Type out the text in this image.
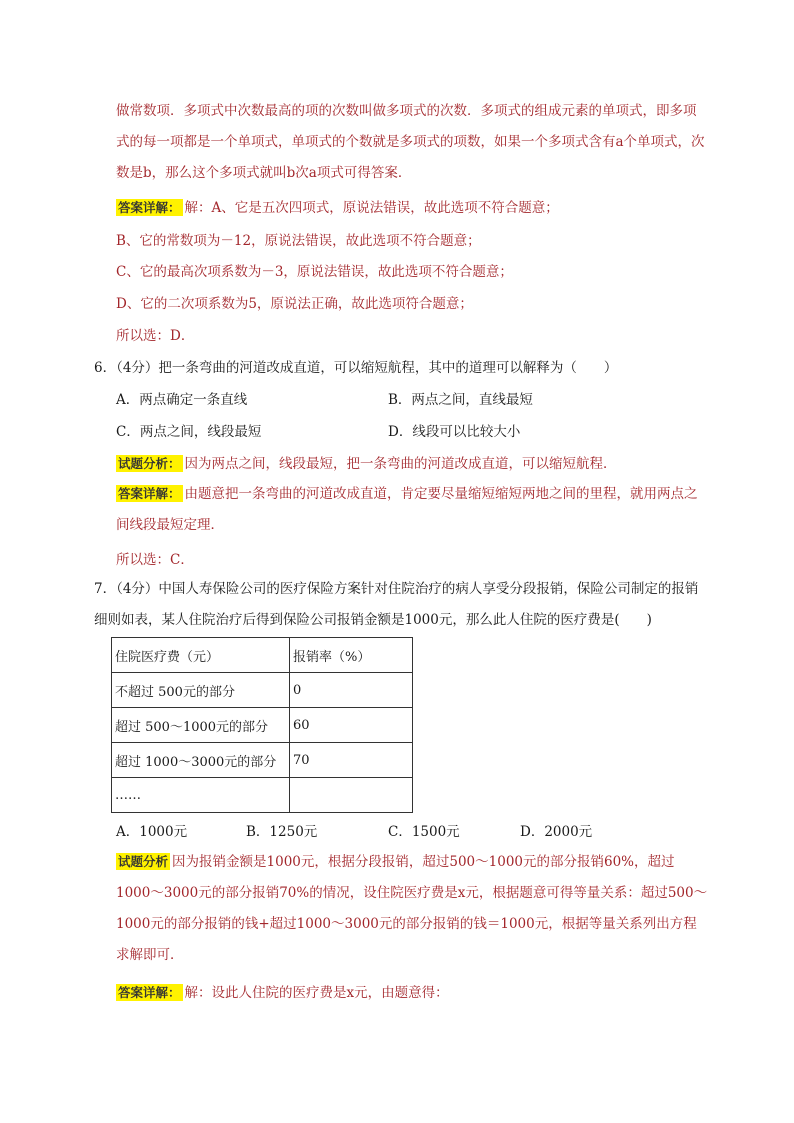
做常数项．多项式中次数最高的项的次数叫做多项式的次数．多项式的组成元素的单项式，即多项式的每一项都是一个单项式，单项式的个数就是多项式的项数，如果一个多项式含有a个单项式，次数是b，那么这个多项式就叫b次a项式可得答案．

答案详解： 解：A、它是五次四项式，原说法错误，故此选项不符合题意；

B、它的常数项为－12，原说法错误，故此选项不符合题意；

C、它的最高次项系数为－3，原说法错误，故此选项不符合题意；

D、它的二次项系数为5，原说法正确，故此选项符合题意；

所以选：D．

6．（4分）把一条弯曲的河道改成直道，可以缩短航程，其中的道理可以解释为（　　）

A．两点确定一条直线	B．两点之间，直线最短

C．两点之间，线段最短	D．线段可以比较大小

试题分析： 因为两点之间，线段最短，把一条弯曲的河道改成直道，可以缩短航程．

答案详解： 由题意把一条弯曲的河道改成直道，肯定要尽量缩短缩短两地之间的里程，就用两点之间线段最短定理．

所以选：C．

7．（4分）中国人寿保险公司的医疗保险方案针对住院治疗的病人享受分段报销，保险公司制定的报销细则如表，某人住院治疗后得到保险公司报销金额是1000元，那么此人住院的医疗费是(　　)

住院医疗费（元）	报销率（%）
不超过 500元的部分	0
超过 500～1000元的部分	60
超过 1000～3000元的部分	70
……	

A．1000元	B．1250元	C．1500元	D．2000元

试题分析 因为报销金额是1000元，根据分段报销，超过500～1000元的部分报销60%，超过1000～3000元的部分报销70%的情况，设住院医疗费是x元，根据题意可得等量关系：超过500～1000元的部分报销的钱+超过1000～3000元的部分报销的钱＝1000元，根据等量关系列出方程求解即可．

答案详解： 解：设此人住院的医疗费是x元，由题意得：
